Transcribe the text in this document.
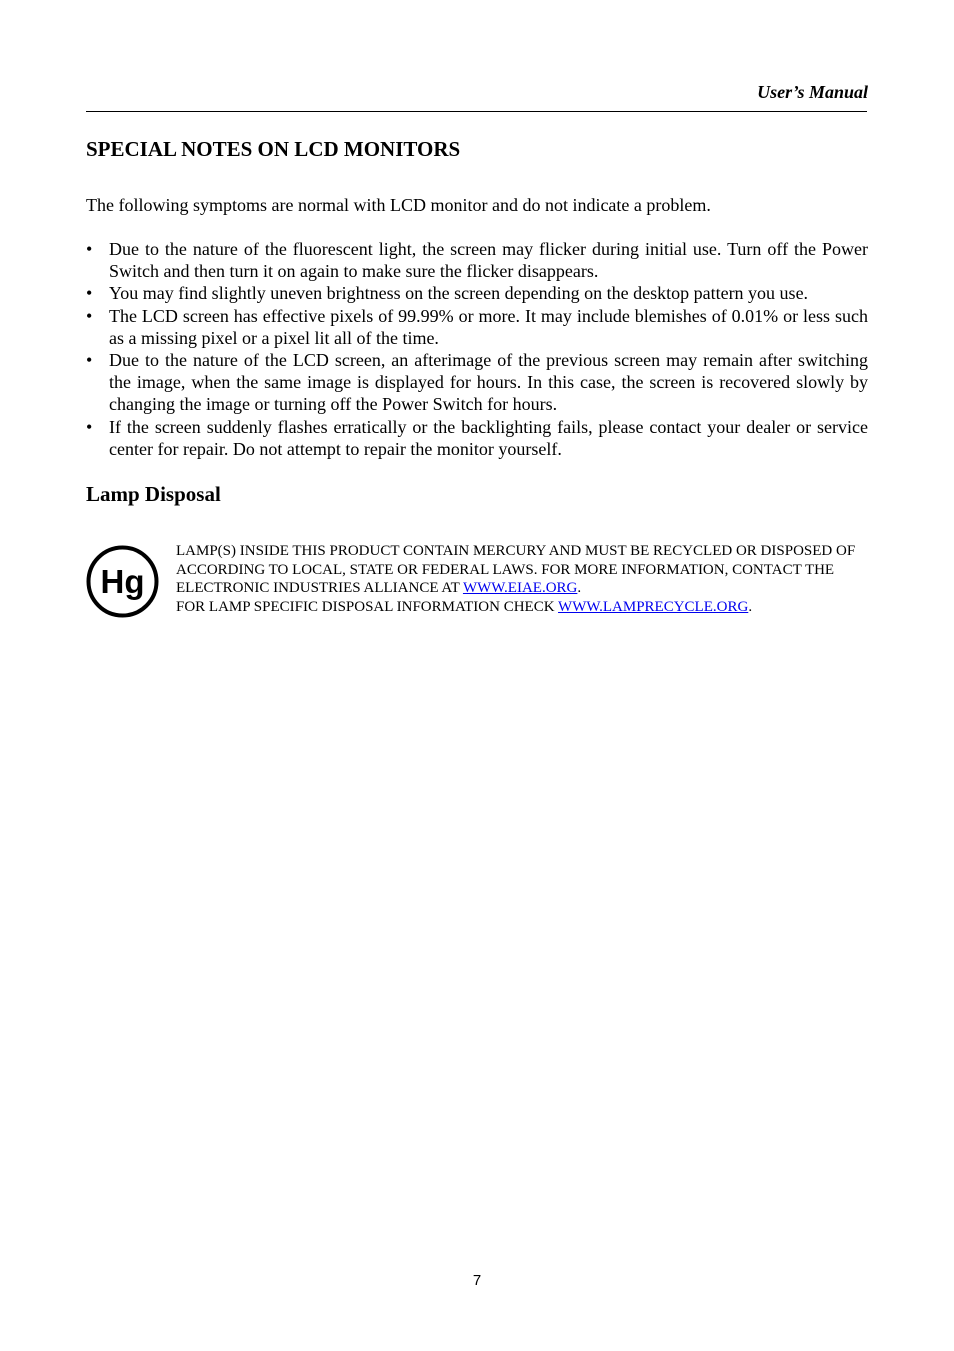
User’s Manual
SPECIAL NOTES ON LCD MONITORS
The following symptoms are normal with LCD monitor and do not indicate a problem.
• Due to the nature of the fluorescent light, the screen may flicker during initial use. Turn off the Power Switch and then turn it on again to make sure the flicker disappears.
• You may find slightly uneven brightness on the screen depending on the desktop pattern you use.
• The LCD screen has effective pixels of 99.99% or more. It may include blemishes of 0.01% or less such as a missing pixel or a pixel lit all of the time.
• Due to the nature of the LCD screen, an afterimage of the previous screen may remain after switching the image, when the same image is displayed for hours. In this case, the screen is recovered slowly by changing the image or turning off the Power Switch for hours.
• If the screen suddenly flashes erratically or the backlighting fails, please contact your dealer or service center for repair. Do not attempt to repair the monitor yourself.
Lamp Disposal
Hg
LAMP(S) INSIDE THIS PRODUCT CONTAIN MERCURY AND MUST BE RECYCLED OR DISPOSED OF ACCORDING TO LOCAL, STATE OR FEDERAL LAWS. FOR MORE INFORMATION, CONTACT THE ELECTRONIC INDUSTRIES ALLIANCE AT WWW.EIAE.ORG.
FOR LAMP SPECIFIC DISPOSAL INFORMATION CHECK WWW.LAMPRECYCLE.ORG.
7
